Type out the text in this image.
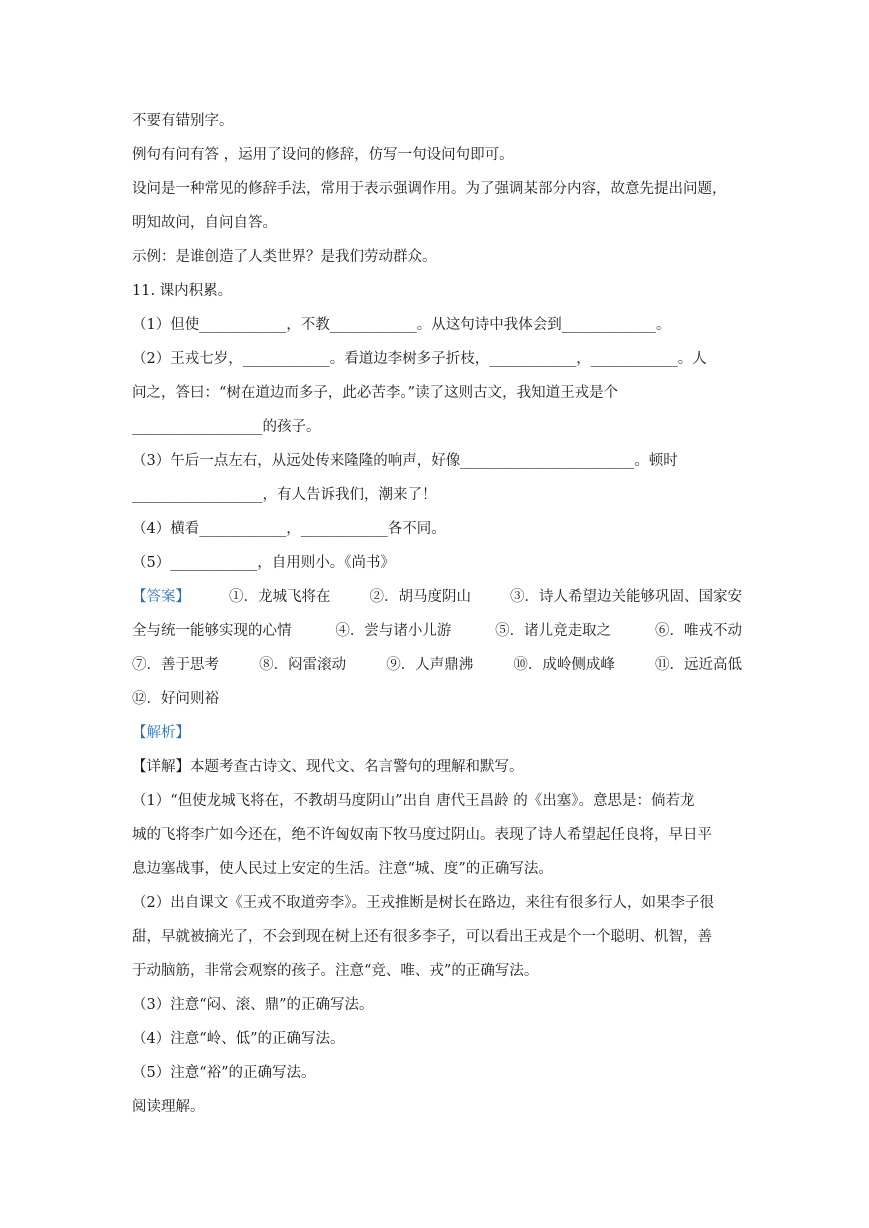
不要有错别字。
例句有问有答 ，运用了设问的修辞，仿写一句设问句即可。
设问是一种常见的修辞手法，常用于表示强调作用。为了强调某部分内容，故意先提出问题，
明知故问，自问自答。
示例：是谁创造了人类世界？是我们劳动群众。
11. 课内积累。
（1）但使____________，不教____________。从这句诗中我体会到_____________。
（2）王戎七岁，____________。看道边李树多子折枝，____________，____________。人
问之，答曰：“树在道边而多子，此必苦李。”读了这则古文，我知道王戎是个
__________________的孩子。
（3）午后一点左右，从远处传来隆隆的响声，好像________________________。顿时
__________________，有人告诉我们，潮来了！
（4）横看____________，____________各不同。
（5）____________，自用则小。《尚书》
【答案】	①．龙城飞将在	②．胡马度阴山	③．诗人希望边关能够巩固、国家安
全与统一能够实现的心情	④．尝与诸小儿游	⑤．诸儿竞走取之	⑥．唯戎不动
⑦．善于思考	⑧．闷雷滚动	⑨．人声鼎沸	⑩．成岭侧成峰	⑪．远近高低
⑫．好问则裕
【解析】
【详解】本题考查古诗文、现代文、名言警句的理解和默写。
（1）“但使龙城飞将在，不教胡马度阴山”出自 唐代王昌龄 的《出塞》。意思是：倘若龙
城的飞将李广如今还在，绝不许匈奴南下牧马度过阴山。表现了诗人希望起任良将，早日平
息边塞战事，使人民过上安定的生活。注意“城、度”的正确写法。
（2）出自课文《王戎不取道旁李》。王戎推断是树长在路边，来往有很多行人，如果李子很
甜，早就被摘光了，不会到现在树上还有很多李子，可以看出王戎是个一个聪明、机智，善
于动脑筋，非常会观察的孩子。注意“竞、唯、戎”的正确写法。
（3）注意“闷、滚、鼎”的正确写法。
（4）注意“岭、低”的正确写法。
（5）注意“裕”的正确写法。
阅读理解。
